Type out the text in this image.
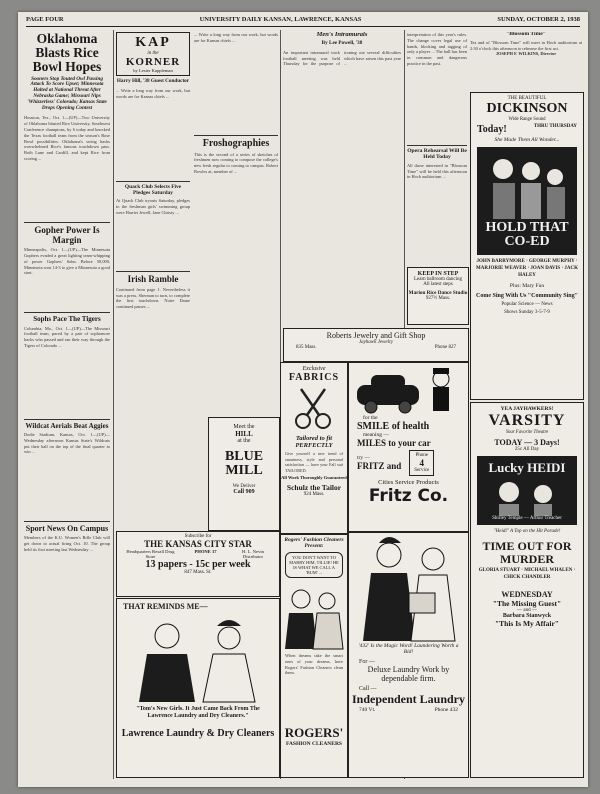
PAGE FOUR	UNIVERSITY DAILY KANSAN, LAWRENCE, KANSAS	SUNDAY, OCTOBER 2, 1938
Oklahoma Blasts Rice Bowl Hopes
Sooners Stop Touted Owl Passing Attack To Score Upset; Minnesota Halted at National Threat After Nebraska Game; Missouri Nips 'Whizzerless' Colorado; Kansas State Drops Opening Contest
Houston, Tex., Oct. 1—(UP)—Two University of Oklahoma blasted Rice University, Southwest Conference champions, by 6 today and knocked the Texas football team from the season's Rose Bowl possibilities. Oklahoma's swing backs overwhelmed Rice's famous touchdown pass. Both Lane and Cardill, and kept Rice from scoring ...
Gopher Power Is Margin
Minneapolis, Oct. 1—(UP)—The Minnesota Gophers evaded a great lighting team-whipping of power Gophers' Sohn. Before 50,000, Minnesota won 14-3 to give a Minnesota a good start.
Sophs Pace The Tigers
Columbia, Mo., Oct. 1—(UP)—The Missouri football team, paced by a pair of sophomore backs who passed and ran their way through the Tigers of Colorado ...
Wildcat Aerials Beat Aggies
Dodie Stadium, Kansas, Oct. 1—(UP)—Wednesday afternoon Kansas State's Wildcats put their ball on the top of the final quarter to win ...
Sport News On Campus
Members of the K.U. Women's Rifle Club will get down to actual firing Oct. 10. The group held its first meeting last Wednesday ...
KAP
in the
KORNER
by Lester Kappleman
Harry Hill, '38 Guest Conductor
... Write a long way from our work, but words are for Kansas chiefs ...
Quack Club Selects Five Pledges Saturday
At Quack Club tryouts Saturday, pledges to the freshman girls' swimming group were Harriet Jewell, Jane Christy ...
Irish Ramble
Continued from page 1. Nevertheless it was a press, Sherman to turn, to complete the first touchdown. Notre Dame continued passes ...
... Write a long way from our work, but words are for Kansas chiefs ...
Froshographies
This is the second of a series of sketches of freshmen now coming to compose the college's new fresh regular to coming to campus. Robert Bowles at, member of ...
Men's Intramurals
By Lee Powell, '38
An important intramural track football meeting was held Thursday for the purpose of ironing out several difficulties which have arisen this past year ...
interpretation of this year's rules. The change cover legal use of hands, blocking and tagging of only a player ... The ball has been in common and dangerous practice in the past.
Opera Rehearsal Will Be Held Today
All those interested in "Blossom Time" will be held this afternoon in Hoch auditorium ...
"Blossom Time"
Tea and of "Blossom Time" will meet in Hoch auditorium at 2:30 o'clock this afternoon to rehearse the first act.
JOSEPH F. WILKINS, Director
KEEP IN STEP
Learn ballroom dancing
All latest steps
Marion Rice Dance Studio
927½ Mass.
Roberts Jewelry and Gift Shop
Jayhawk Jewelry
835 Mass.	Phone 827
Exclusive
FABRICS
Tailored to fit PERFECTLY
Give yourself a new trend of smartness, style and personal satisfaction — have your Fall suit TAILORED.
All Work Thoroughly Guaranteed
Schulz the Tailor
924 Mass.
for the
SMILE of health
meaning —
MILES to your car
try —
FRITZ and
Phone
4
Service
Cities Service Products
Fritz Co.
Meet the
HILL
at the
BLUE MILL
We Deliver
Call 909
Subscribe for
THE KANSAS CITY STAR
Headquarters Rexall Drug Store
PHONE 17	H. L. Nevin Distributor
13 papers - 15c per week
847 Mass. St.
THAT REMINDS ME—
"Tom's New Girls. It Just Came Back From The Lawrence Laundry and Dry Cleaners."
Lawrence Laundry & Dry Cleaners
Rogers' Fashion Cleaners Present:
YOU DON'T WANT TO MARRY HIM, TILLIE! HE IS WHAT WE CALL A 'BUM' ...
When dreams take the smart ones of your dreams, have Rogers' Fashion Cleaners clean them.
ROGERS'
FASHION CLEANERS
'432' Is the Magic Word! Laundering Worth a Bid!
For —
Deluxe Laundry Work by
dependable firm.
Call —
Independent Laundry
740 Vt.	Phone 432
THE BEAUTIFUL
DICKINSON
Wide Range Sound
Today!	THRU THURSDAY
She Made Them All Wonder...
HOLD THAT CO-ED
JOHN BARRYMORE · GEORGE MURPHY · MARJORIE WEAVER · JOAN DAVIS · JACK HALEY
Plus: Mary Fun
Come Sing With Us "Community Sing"
Popular Science — News
Shows Sunday 3-5-7-9
YEA JAYHAWKERS!
VARSITY
Your Favorite Theatre
TODAY — 3 Days!
25c All Day
Lucky HEIDI
Shirley Temple — Arthur Treacher
"Heidi" A Top on the Hit Parade!
TIME OUT FOR MURDER
GLORIA STUART · MICHAEL WHALEN · CHICK CHANDLER
WEDNESDAY
"The Missing Guest"
— and —
Barbara Stanwyck
"This Is My Affair"
